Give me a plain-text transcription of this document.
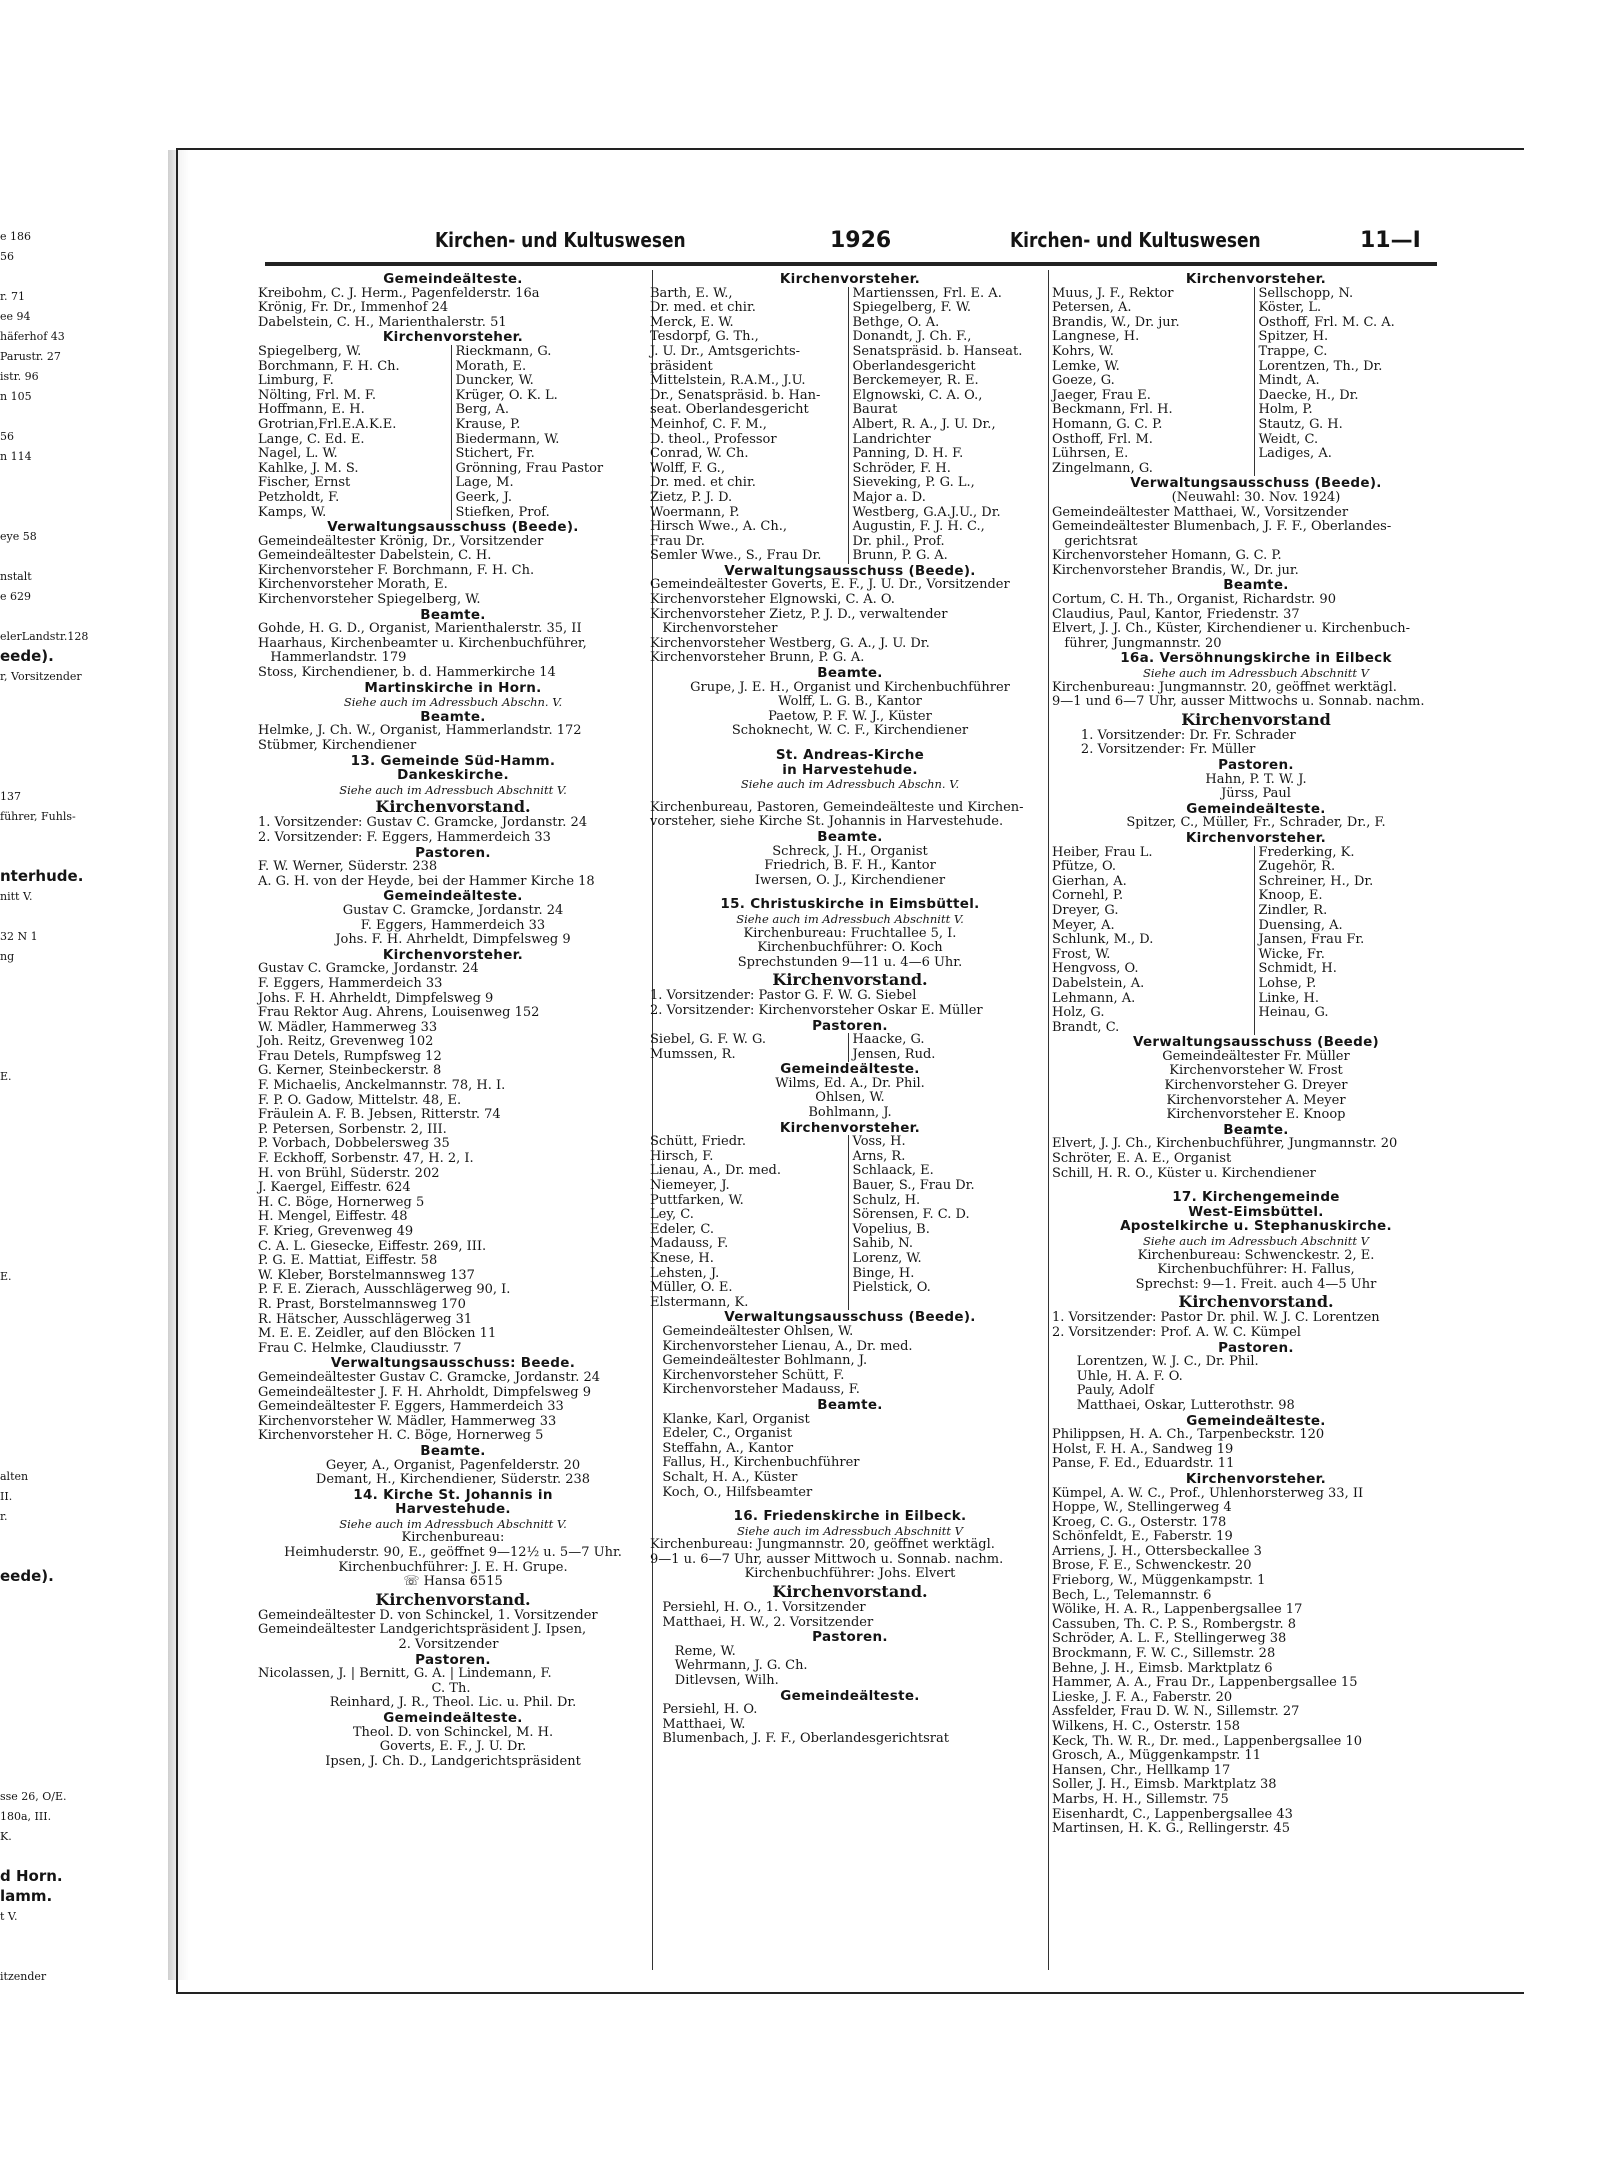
e 186
56
r. 71
ee 94
häferhof 43
Parustr. 27
istr. 96
n 105
56
n 114
eye 58
nstalt
e 629
elerLandstr.128
eede).
r, Vorsitzender
137
führer, Fuhls-
nterhude.
nitt V.
32 N 1
ng
E.
E.
alten
II.
r.
eede).
sse 26, O/E.
180a, III.
K.
d Horn.
lamm.
t V.
itzender
Kirchen- und Kultuswesen	1926	Kirchen- und Kultuswesen	11—I
Gemeindeälteste.
Kreibohm, C. J. Herm., Pagenfelderstr. 16a
Krönig, Fr. Dr., Immenhof 24
Dabelstein, C. H., Marienthalerstr. 51
Kirchenvorsteher.
Spiegelberg, W.	Rieckmann, G.
Borchmann, F. H. Ch.	Morath, E.
Limburg, F.	Duncker, W.
Nölting, Frl. M. F.	Krüger, O. K. L.
Hoffmann, E. H.	Berg, A.
Grotrian,Frl.E.A.K.E.	Krause, P.
Lange, C. Ed. E.	Biedermann, W.
Nagel, L. W.	Stichert, Fr.
Kahlke, J. M. S.	Grönning, Frau Pastor
Fischer, Ernst	Lage, M.
Petzholdt, F.	Geerk, J.
Kamps, W.	Stiefken, Prof.
Verwaltungsausschuss (Beede).
Gemeindeältester Krönig, Dr., Vorsitzender
Gemeindeältester Dabelstein, C. H.
Kirchenvorsteher F. Borchmann, F. H. Ch.
Kirchenvorsteher Morath, E.
Kirchenvorsteher Spiegelberg, W.
Beamte.
Gohde, H. G. D., Organist, Marienthalerstr. 35, II
Haarhaus, Kirchenbeamter u. Kirchenbuchführer,
Hammerlandstr. 179
Stoss, Kirchendiener, b. d. Hammerkirche 14
Martinskirche in Horn.
Siehe auch im Adressbuch Abschn. V.
Beamte.
Helmke, J. Ch. W., Organist, Hammerlandstr. 172
Stübmer, Kirchendiener
13. Gemeinde Süd-Hamm.
Dankeskirche.
Siehe auch im Adressbuch Abschnitt V.
Kirchenvorstand.
1. Vorsitzender: Gustav C. Gramcke, Jordanstr. 24
2. Vorsitzender: F. Eggers, Hammerdeich 33
Pastoren.
F. W. Werner, Süderstr. 238
A. G. H. von der Heyde, bei der Hammer Kirche 18
Gemeindeälteste.
Gustav C. Gramcke, Jordanstr. 24
F. Eggers, Hammerdeich 33
Johs. F. H. Ahrheldt, Dimpfelsweg 9
Kirchenvorsteher.
Gustav C. Gramcke, Jordanstr. 24
F. Eggers, Hammerdeich 33
Johs. F. H. Ahrheldt, Dimpfelsweg 9
Frau Rektor Aug. Ahrens, Louisenweg 152
W. Mädler, Hammerweg 33
Joh. Reitz, Grevenweg 102
Frau Detels, Rumpfsweg 12
G. Kerner, Steinbeckerstr. 8
F. Michaelis, Anckelmannstr. 78, H. I.
F. P. O. Gadow, Mittelstr. 48, E.
Fräulein A. F. B. Jebsen, Ritterstr. 74
P. Petersen, Sorbenstr. 2, III.
P. Vorbach, Dobbelersweg 35
F. Eckhoff, Sorbenstr. 47, H. 2, I.
H. von Brühl, Süderstr. 202
J. Kaergel, Eiffestr. 624
H. C. Böge, Hornerweg 5
H. Mengel, Eiffestr. 48
F. Krieg, Grevenweg 49
C. A. L. Giesecke, Eiffestr. 269, III.
P. G. E. Mattiat, Eiffestr. 58
W. Kleber, Borstelmannsweg 137
P. F. E. Zierach, Ausschlägerweg 90, I.
R. Prast, Borstelmannsweg 170
R. Hätscher, Ausschlägerweg 31
M. E. E. Zeidler, auf den Blöcken 11
Frau C. Helmke, Claudiusstr. 7
Verwaltungsausschuss: Beede.
Gemeindeältester Gustav C. Gramcke, Jordanstr. 24
Gemeindeältester J. F. H. Ahrholdt, Dimpfelsweg 9
Gemeindeältester F. Eggers, Hammerdeich 33
Kirchenvorsteher W. Mädler, Hammerweg 33
Kirchenvorsteher H. C. Böge, Hornerweg 5
Beamte.
Geyer, A., Organist, Pagenfelderstr. 20
Demant, H., Kirchendiener, Süderstr. 238
14. Kirche St. Johannis in
Harvestehude.
Siehe auch im Adressbuch Abschnitt V.
Kirchenbureau:
Heimhuderstr. 90, E., geöffnet 9—12½ u. 5—7 Uhr.
Kirchenbuchführer: J. E. H. Grupe.
☏ Hansa 6515
Kirchenvorstand.
Gemeindeältester D. von Schinckel, 1. Vorsitzender
Gemeindeältester Landgerichtspräsident J. Ipsen,
2. Vorsitzender
Pastoren.
Nicolassen, J. | Bernitt, G. A. | Lindemann, F.
C. Th.
Reinhard, J. R., Theol. Lic. u. Phil. Dr.
Gemeindeälteste.
Theol. D. von Schinckel, M. H.
Goverts, E. F., J. U. Dr.
Ipsen, J. Ch. D., Landgerichtspräsident
Kirchenvorsteher.
Barth, E. W.,	Martienssen, Frl. E. A.
Dr. med. et chir.	Spiegelberg, F. W.
Merck, E. W.	Bethge, O. A.
Tesdorpf, G. Th.,	Donandt, J. Ch. F.,
J. U. Dr., Amtsgerichts-	Senatspräsid. b. Hanseat.
präsident	Oberlandesgericht
Mittelstein, R.A.M., J.U.	Berckemeyer, R. E.
Dr., Senatspräsid. b. Han-	Elgnowski, C. A. O.,
seat. Oberlandesgericht	Baurat
Meinhof, C. F. M.,	Albert, R. A., J. U. Dr.,
D. theol., Professor	Landrichter
Conrad, W. Ch.	Panning, D. H. F.
Wolff, F. G.,	Schröder, F. H.
Dr. med. et chir.	Sieveking, P. G. L.,
Zietz, P. J. D.	Major a. D.
Woermann, P.	Westberg, G.A.J.U., Dr.
Hirsch Wwe., A. Ch.,	Augustin, F. J. H. C.,
Frau Dr.	Dr. phil., Prof.
Semler Wwe., S., Frau Dr.	Brunn, P. G. A.
Verwaltungsausschuss (Beede).
Gemeindeältester Goverts, E. F., J. U. Dr., Vorsitzender
Kirchenvorsteher Elgnowski, C. A. O.
Kirchenvorsteher Zietz, P. J. D., verwaltender
Kirchenvorsteher
Kirchenvorsteher Westberg, G. A., J. U. Dr.
Kirchenvorsteher Brunn, P. G. A.
Beamte.
Grupe, J. E. H., Organist und Kirchenbuchführer
Wolff, L. G. B., Kantor
Paetow, P. F. W. J., Küster
Schoknecht, W. C. F., Kirchendiener
St. Andreas-Kirche
in Harvestehude.
Siehe auch im Adressbuch Abschn. V.
Kirchenbureau, Pastoren, Gemeindeälteste und Kirchen-
vorsteher, siehe Kirche St. Johannis in Harvestehude.
Beamte.
Schreck, J. H., Organist
Friedrich, B. F. H., Kantor
Iwersen, O. J., Kirchendiener
15. Christuskirche in Eimsbüttel.
Siehe auch im Adressbuch Abschnitt V.
Kirchenbureau: Fruchtallee 5, I.
Kirchenbuchführer: O. Koch
Sprechstunden 9—11 u. 4—6 Uhr.
Kirchenvorstand.
1. Vorsitzender: Pastor G. F. W. G. Siebel
2. Vorsitzender: Kirchenvorsteher Oskar E. Müller
Pastoren.
Siebel, G. F. W. G.	Haacke, G.
Mumssen, R.	Jensen, Rud.
Gemeindeälteste.
Wilms, Ed. A., Dr. Phil.
Ohlsen, W.
Bohlmann, J.
Kirchenvorsteher.
Schütt, Friedr.	Voss, H.
Hirsch, F.	Arns, R.
Lienau, A., Dr. med.	Schlaack, E.
Niemeyer, J.	Bauer, S., Frau Dr.
Puttfarken, W.	Schulz, H.
Ley, C.	Sörensen, F. C. D.
Edeler, C.	Vopelius, B.
Madauss, F.	Sahib, N.
Knese, H.	Lorenz, W.
Lehsten, J.	Binge, H.
Müller, O. E.	Pielstick, O.
Elstermann, K.
Verwaltungsausschuss (Beede).
Gemeindeältester Ohlsen, W.
Kirchenvorsteher Lienau, A., Dr. med.
Gemeindeältester Bohlmann, J.
Kirchenvorsteher Schütt, F.
Kirchenvorsteher Madauss, F.
Beamte.
Klanke, Karl, Organist
Edeler, C., Organist
Steffahn, A., Kantor
Fallus, H., Kirchenbuchführer
Schalt, H. A., Küster
Koch, O., Hilfsbeamter
16. Friedenskirche in Eilbeck.
Siehe auch im Adressbuch Abschnitt V
Kirchenbureau: Jungmannstr. 20, geöffnet werktägl.
9—1 u. 6—7 Uhr, ausser Mittwoch u. Sonnab. nachm.
Kirchenbuchführer: Johs. Elvert
Kirchenvorstand.
Persiehl, H. O., 1. Vorsitzender
Matthaei, H. W., 2. Vorsitzender
Pastoren.
Reme, W.
Wehrmann, J. G. Ch.
Ditlevsen, Wilh.
Gemeindeälteste.
Persiehl, H. O.
Matthaei, W.
Blumenbach, J. F. F., Oberlandesgerichtsrat
Kirchenvorsteher.
Muus, J. F., Rektor	Sellschopp, N.
Petersen, A.	Köster, L.
Brandis, W., Dr. jur.	Osthoff, Frl. M. C. A.
Langnese, H.	Spitzer, H.
Kohrs, W.	Trappe, C.
Lemke, W.	Lorentzen, Th., Dr.
Goeze, G.	Mindt, A.
Jaeger, Frau E.	Daecke, H., Dr.
Beckmann, Frl. H.	Holm, P.
Homann, G. C. P.	Stautz, G. H.
Osthoff, Frl. M.	Weidt, C.
Lührsen, E.	Ladiges, A.
Zingelmann, G.
Verwaltungsausschuss (Beede).
(Neuwahl: 30. Nov. 1924)
Gemeindeältester Matthaei, W., Vorsitzender
Gemeindeältester Blumenbach, J. F. F., Oberlandes-
gerichtsrat
Kirchenvorsteher Homann, G. C. P.
Kirchenvorsteher Brandis, W., Dr. jur.
Beamte.
Cortum, C. H. Th., Organist, Richardstr. 90
Claudius, Paul, Kantor, Friedenstr. 37
Elvert, J. J. Ch., Küster, Kirchendiener u. Kirchenbuch-
führer, Jungmannstr. 20
16a. Versöhnungskirche in Eilbeck
Siehe auch im Adressbuch Abschnitt V
Kirchenbureau: Jungmannstr. 20, geöffnet werktägl.
9—1 und 6—7 Uhr, ausser Mittwochs u. Sonnab. nachm.
Kirchenvorstand
1. Vorsitzender: Dr. Fr. Schrader
2. Vorsitzender: Fr. Müller
Pastoren.
Hahn, P. T. W. J.
Jürss, Paul
Gemeindeälteste.
Spitzer, C., Müller, Fr., Schrader, Dr., F.
Kirchenvorsteher.
Heiber, Frau L.	Frederking, K.
Pfütze, O.	Zugehör, R.
Gierhan, A.	Schreiner, H., Dr.
Cornehl, P.	Knoop, E.
Dreyer, G.	Zindler, R.
Meyer, A.	Duensing, A.
Schlunk, M., D.	Jansen, Frau Fr.
Frost, W.	Wicke, Fr.
Hengvoss, O.	Schmidt, H.
Dabelstein, A.	Lohse, P.
Lehmann, A.	Linke, H.
Holz, G.	Heinau, G.
Brandt, C.
Verwaltungsausschuss (Beede)
Gemeindeältester Fr. Müller
Kirchenvorsteher W. Frost
Kirchenvorsteher G. Dreyer
Kirchenvorsteher A. Meyer
Kirchenvorsteher E. Knoop
Beamte.
Elvert, J. J. Ch., Kirchenbuchführer, Jungmannstr. 20
Schröter, E. A. E., Organist
Schill, H. R. O., Küster u. Kirchendiener
17. Kirchengemeinde
West-Eimsbüttel.
Apostelkirche u. Stephanuskirche.
Siehe auch im Adressbuch Abschnitt V
Kirchenbureau: Schwenckestr. 2, E.
Kirchenbuchführer: H. Fallus,
Sprechst: 9—1. Freit. auch 4—5 Uhr
Kirchenvorstand.
1. Vorsitzender: Pastor Dr. phil. W. J. C. Lorentzen
2. Vorsitzender: Prof. A. W. C. Kümpel
Pastoren.
Lorentzen, W. J. C., Dr. Phil.
Uhle, H. A. F. O.
Pauly, Adolf
Matthaei, Oskar, Lutterothstr. 98
Gemeindeälteste.
Philippsen, H. A. Ch., Tarpenbeckstr. 120
Holst, F. H. A., Sandweg 19
Panse, F. Ed., Eduardstr. 11
Kirchenvorsteher.
Kümpel, A. W. C., Prof., Uhlenhorsterweg 33, II
Hoppe, W., Stellingerweg 4
Kroeg, C. G., Osterstr. 178
Schönfeldt, E., Faberstr. 19
Arriens, J. H., Ottersbeckallee 3
Brose, F. E., Schwenckestr. 20
Frieborg, W., Müggenkampstr. 1
Bech, L., Telemannstr. 6
Wölike, H. A. R., Lappenbergsallee 17
Cassuben, Th. C. P. S., Rombergstr. 8
Schröder, A. L. F., Stellingerweg 38
Brockmann, F. W. C., Sillemstr. 28
Behne, J. H., Eimsb. Marktplatz 6
Hammer, A. A., Frau Dr., Lappenbergsallee 15
Lieske, J. F. A., Faberstr. 20
Assfelder, Frau D. W. N., Sillemstr. 27
Wilkens, H. C., Osterstr. 158
Keck, Th. W. R., Dr. med., Lappenbergsallee 10
Grosch, A., Müggenkampstr. 11
Hansen, Chr., Hellkamp 17
Soller, J. H., Eimsb. Marktplatz 38
Marbs, H. H., Sillemstr. 75
Eisenhardt, C., Lappenbergsallee 43
Martinsen, H. K. G., Rellingerstr. 45
